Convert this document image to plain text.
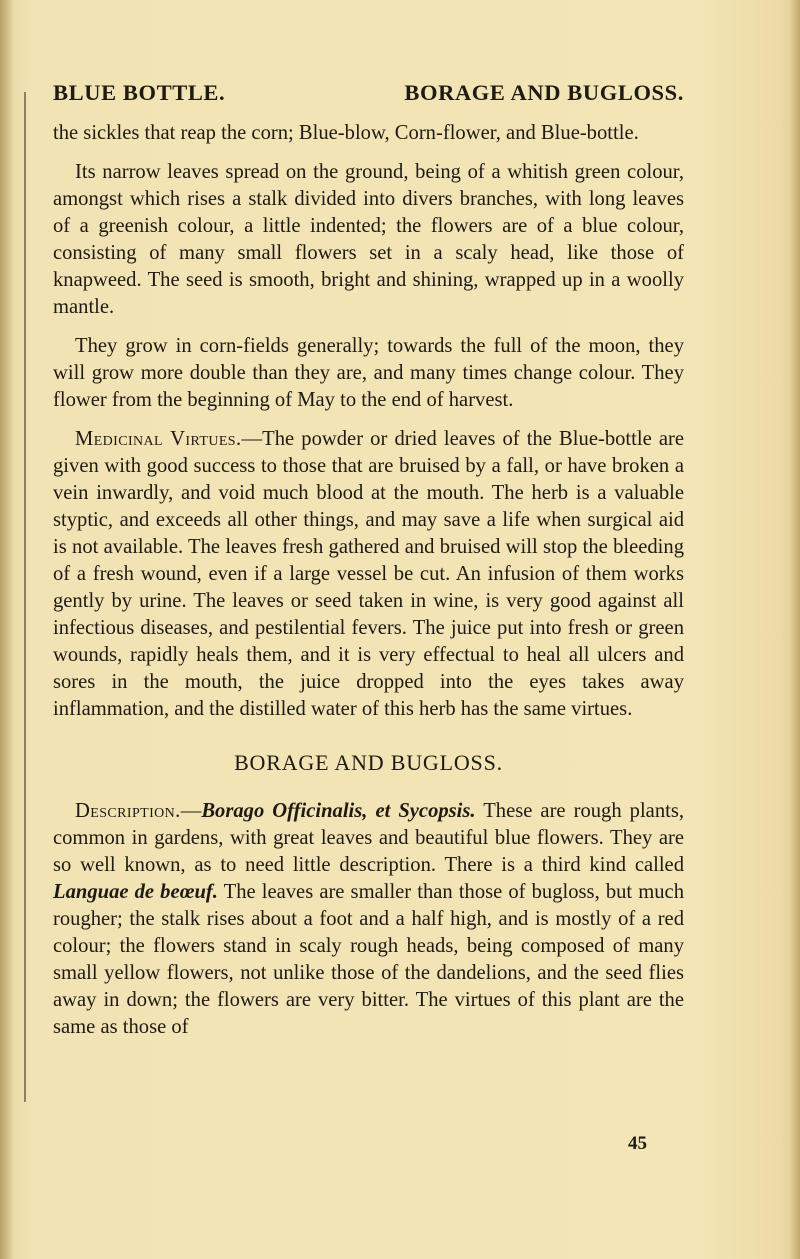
BLUE BOTTLE.	BORAGE AND BUGLOSS.

the sickles that reap the corn; Blue-blow, Corn-flower, and Blue-bottle.

Its narrow leaves spread on the ground, being of a whitish green colour, amongst which rises a stalk divided into divers branches, with long leaves of a greenish colour, a little indented; the flowers are of a blue colour, consisting of many small flowers set in a scaly head, like those of knapweed. The seed is smooth, bright and shining, wrapped up in a woolly mantle.

They grow in corn-fields generally; towards the full of the moon, they will grow more double than they are, and many times change colour. They flower from the beginning of May to the end of harvest.

Medicinal Virtues.—The powder or dried leaves of the Blue-bottle are given with good success to those that are bruised by a fall, or have broken a vein inwardly, and void much blood at the mouth. The herb is a valuable styptic, and exceeds all other things, and may save a life when surgical aid is not available. The leaves fresh gathered and bruised will stop the bleeding of a fresh wound, even if a large vessel be cut. An infusion of them works gently by urine. The leaves or seed taken in wine, is very good against all infectious diseases, and pestilential fevers. The juice put into fresh or green wounds, rapidly heals them, and it is very effectual to heal all ulcers and sores in the mouth, the juice dropped into the eyes takes away inflammation, and the distilled water of this herb has the same virtues.

BORAGE AND BUGLOSS.

Description.—Borago Officinalis, et Sycopsis. These are rough plants, common in gardens, with great leaves and beautiful blue flowers. They are so well known, as to need little description. There is a third kind called Languae de beœuf. The leaves are smaller than those of bugloss, but much rougher; the stalk rises about a foot and a half high, and is mostly of a red colour; the flowers stand in scaly rough heads, being composed of many small yellow flowers, not unlike those of the dandelions, and the seed flies away in down; the flowers are very bitter. The virtues of this plant are the same as those of

45
